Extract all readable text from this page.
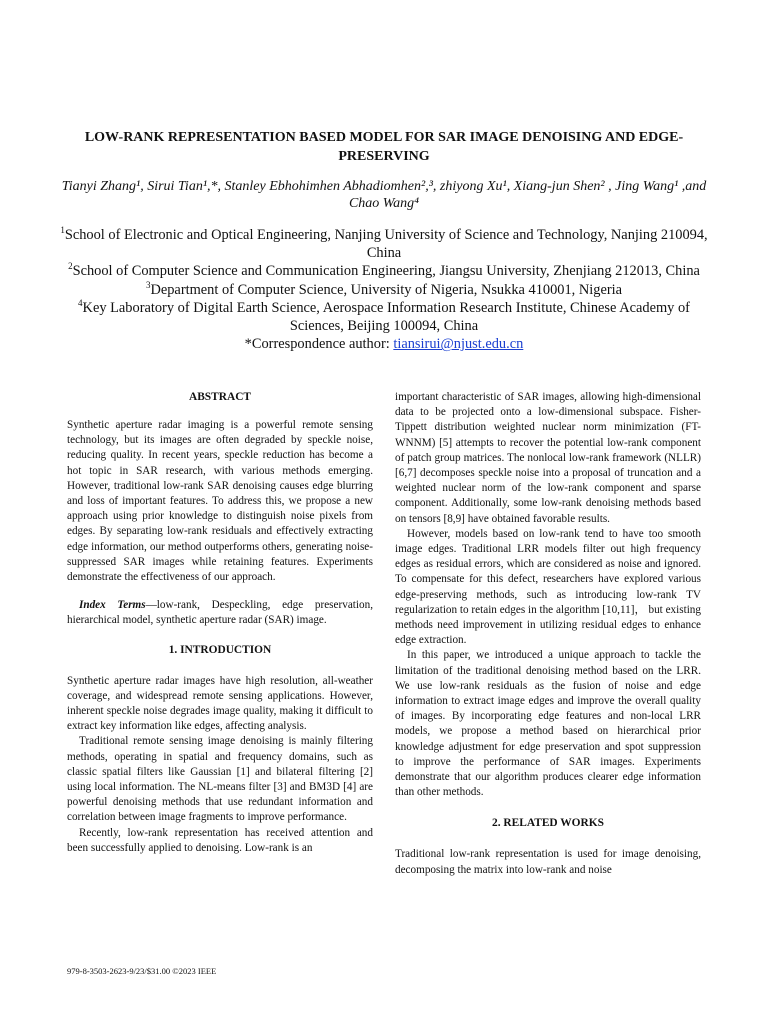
LOW-RANK REPRESENTATION BASED MODEL FOR SAR IMAGE DENOISING AND EDGE-PRESERVING
Tianyi Zhang¹, Sirui Tian¹,*, Stanley Ebhohimhen Abhadiomhen²,³, zhiyong Xu¹, Xiang-jun Shen² , Jing Wang¹ ,and Chao Wang⁴

$^1$School of Electronic and Optical Engineering, Nanjing University of Science and Technology, Nanjing 210094, China

$^2$School of Computer Science and Communication Engineering, Jiangsu University, Zhenjiang 212013, China

$^3$Department of Computer Science, University of Nigeria, Nsukka 410001, Nigeria

$^4$Key Laboratory of Digital Earth Science, Aerospace Information Research Institute, Chinese Academy of Sciences, Beijing 100094, China

*Correspondence author: tiansirui@njust.edu.cn

ABSTRACT

Synthetic aperture radar imaging is a powerful remote sensing technology, but its images are often degraded by speckle noise, reducing quality. In recent years, speckle reduction has become a hot topic in SAR research, with various methods emerging. However, traditional low-rank SAR denoising causes edge blurring and loss of important features. To address this, we propose a new approach using prior knowledge to distinguish noise pixels from edges. By separating low-rank residuals and effectively extracting edge information, our method outperforms others, generating noise-suppressed SAR images while retaining features. Experiments demonstrate the effectiveness of our approach.

Index Terms—low-rank, Despeckling, edge preservation, hierarchical model, synthetic aperture radar (SAR) image.

1. INTRODUCTION

Synthetic aperture radar images have high resolution, all-weather coverage, and widespread remote sensing applications. However, inherent speckle noise degrades image quality, making it difficult to extract key information like edges, affecting analysis.

Traditional remote sensing image denoising is mainly filtering methods, operating in spatial and frequency domains, such as classic spatial filters like Gaussian [1] and bilateral filtering [2] using local information. The NL-means filter [3] and BM3D [4] are powerful denoising methods that use redundant information and correlation between image fragments to improve performance.

Recently, low-rank representation has received attention and been successfully applied to denoising. Low-rank is an

important characteristic of SAR images, allowing high-dimensional data to be projected onto a low-dimensional subspace. Fisher-Tippett distribution weighted nuclear norm minimization (FT-WNNM) [5] attempts to recover the potential low-rank component of patch group matrices. The nonlocal low-rank framework (NLLR) [6,7] decomposes speckle noise into a proposal of truncation and a weighted nuclear norm of the low-rank component and sparse component. Additionally, some low-rank denoising methods based on tensors [8,9] have obtained favorable results.

However, models based on low-rank tend to have too smooth image edges. Traditional LRR models filter out high frequency edges as residual errors, which are considered as noise and ignored. To compensate for this defect, researchers have explored various edge-preserving methods, such as introducing low-rank TV regularization to retain edges in the algorithm [10,11]， but existing methods need improvement in utilizing residual edges to enhance edge extraction.

In this paper, we introduced a unique approach to tackle the limitation of the traditional denoising method based on the LRR. We use low-rank residuals as the fusion of noise and edge information to extract image edges and improve the overall quality of images. By incorporating edge features and non-local LRR models, we propose a method based on hierarchical prior knowledge adjustment for edge preservation and spot suppression to improve the performance of SAR images. Experiments demonstrate that our algorithm produces clearer edge information than other methods.

2. RELATED WORKS

Traditional low-rank representation is used for image denoising, decomposing the matrix into low-rank and noise

979-8-3503-2623-9/23/$31.00 ©2023 IEEE
